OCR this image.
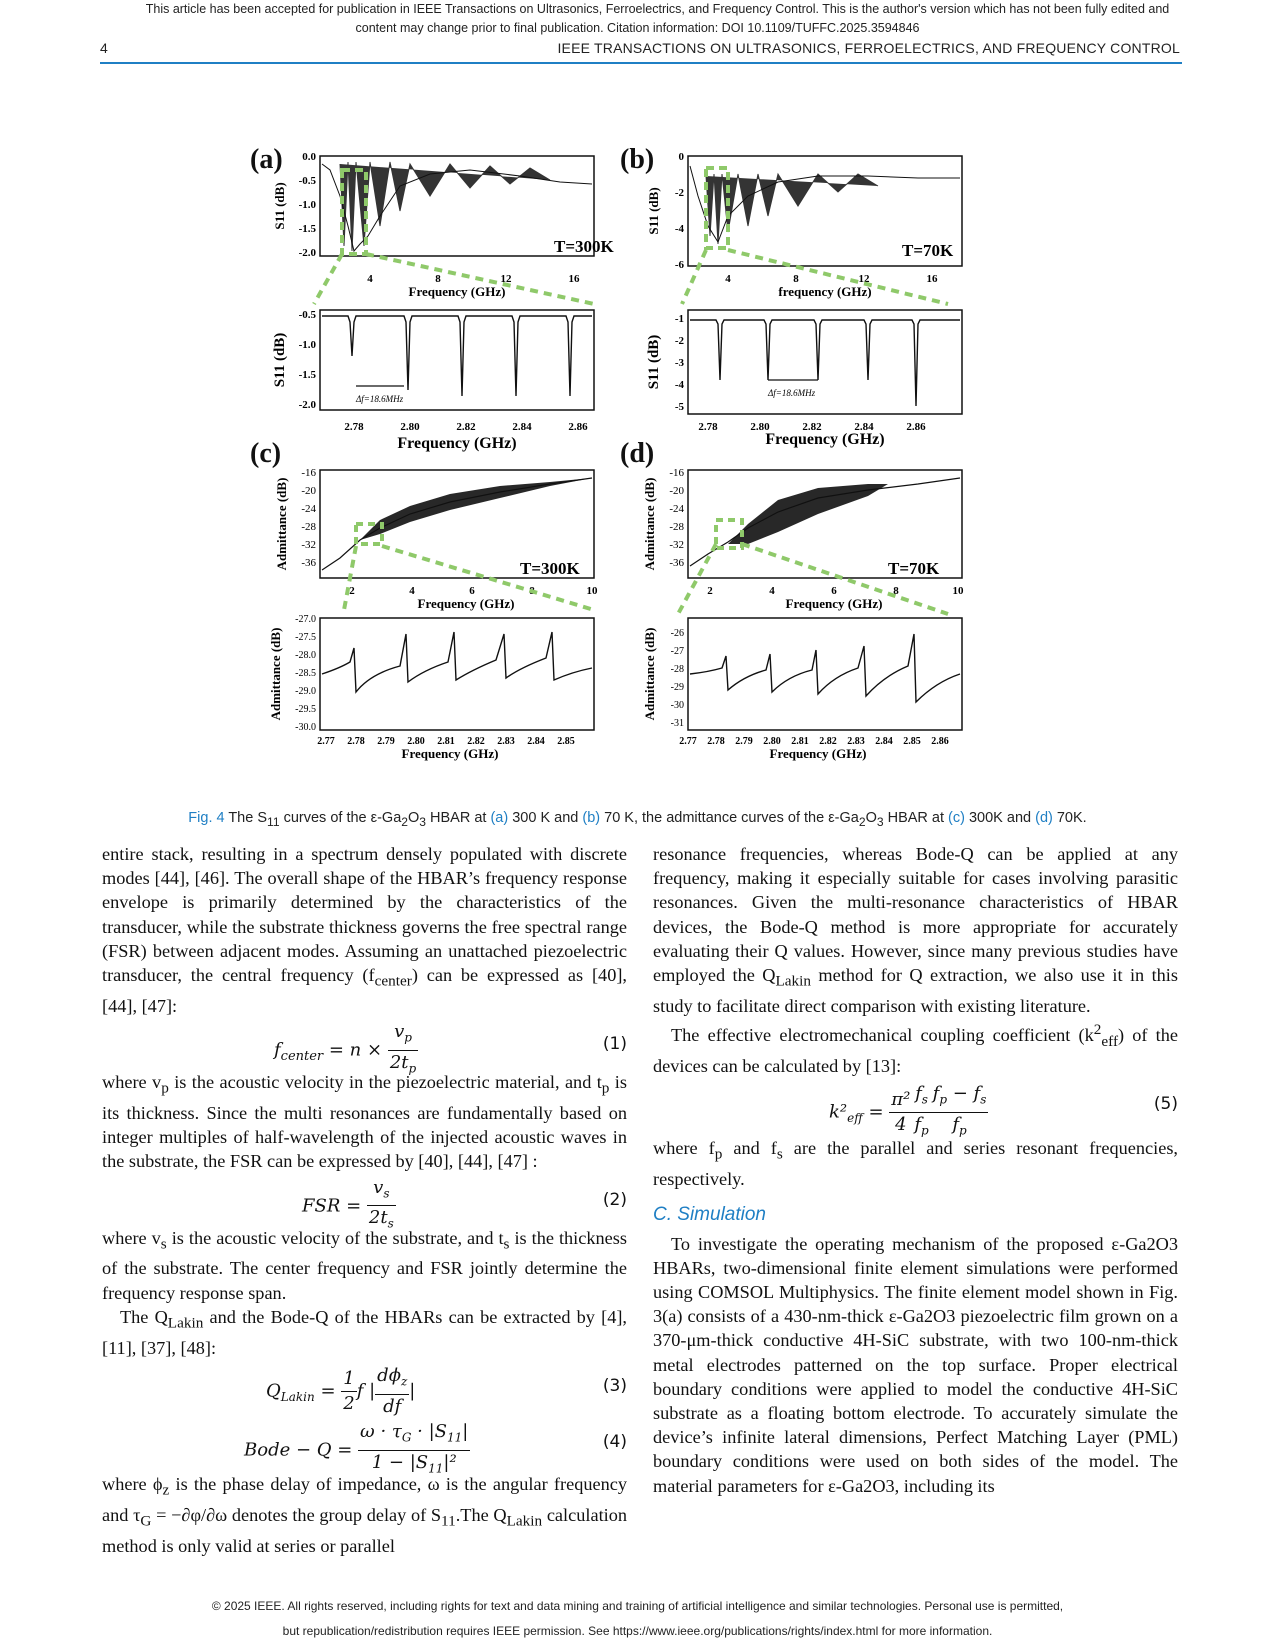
This article has been accepted for publication in IEEE Transactions on Ultrasonics, Ferroelectrics, and Frequency Control. This is the author's version which has not been fully edited and
content may change prior to final publication. Citation information: DOI 10.1109/TUFFC.2025.3594846
4	IEEE TRANSACTIONS ON ULTRASONICS, FERROELECTRICS, AND FREQUENCY CONTROL
(a)	(b)
(c)	(d)
T=300K
0.0
-0.5
-1.0
-1.5
-2.0
4	8	12	16
Frequency (GHz)
S11 (dB)
T=70K
0
-2
-4
-6
4	8	12	16
frequency (GHz)
S11 (dB)
Δf=18.6MHz
-0.5
-1.0
-1.5
-2.0
2.78	2.80	2.82	2.84	2.86
Frequency (GHz)
S11 (dB)
Δf=18.6MHz
-1
-2
-3
-4
-5
2.78	2.80	2.82	2.84	2.86
Frequency (GHz)
S11 (dB)
T=300K
-16
-20
-24
-28
-32
-36
2	4	6	10
Frequency (GHz)
Admittance (dB)	T=70K
-16
-20
-24
-28
-32
-36
2	4	6	8	10
Frequency (GHz)
Admittance (dB)
-27.0
-27.5
-28.0
-28.5
-29.0
-29.5
-30.0
2.77 2.78 2.79 2.80 2.81 2.82 2.83 2.84 2.85
Frequency (GHz)
Admittance (dB)	-26
-27
-28
-29
-30
-31
2.77 2.78 2.79 2.80 2.81 2.82 2.83 2.84 2.85 2.86
Frequency (GHz)
Admittance (dB)
Fig. 4 The $S_{11}$ curves of the $\varepsilon-Ga_2O_3$ HBAR at (a) 300 K and (b) 70 K, the admittance curves of the $\varepsilon-Ga_2O_3$ HBAR at (c) 300K and (d) 70K.

entire stack, resulting in a spectrum densely populated with discrete modes [44], [46]. The overall shape of the HBAR’s frequency response envelope is primarily determined by the characteristics of the transducer, while the substrate thickness governs the free spectral range (FSR) between adjacent modes. Assuming an unattached piezoelectric transducer, the central frequency $(f_{center})$ can be expressed as [40], [44], [47]:

$f_{center} = n \times \frac{v_p}{2t_p}$	(1)

where $v_p$ is the acoustic velocity in the piezoelectric material, and $t_p$ is its thickness. Since the multi resonances are fundamentally based on integer multiples of half-wavelength of the injected acoustic waves in the substrate, the FSR can be expressed by [40], [44], [47] :

FSR = $\frac{v_s}{2t_s}$	(2)

where $v_s$ is the acoustic velocity of the substrate, and $t_s$ is the thickness of the substrate. The center frequency and FSR jointly determine the frequency response span.

The $Q_{Lakin}$ and the Bode-Q of the HBARs can be extracted by [4], [11], [37], [48]:

$Q_{Lakin} = \frac{1}{2}$ f | $\frac{d\phi_z}{df}$ |	(3)
Bode − $Q = \frac{\omega \cdot \tau_G \cdot |S_{11}|}{1 - |S_{11}|^2}$	(4)

where $\phi_z$ is the phase delay of impedance, ω is the angular frequency and $\tau_G = -\partial\varphi/\partial\omega$ denotes the group delay of $S_{11}.The$ $Q_{Lakin}$ calculation method is only valid at series or parallel

resonance frequencies, whereas Bode-Q can be applied at any frequency, making it especially suitable for cases involving parasitic resonances. Given the multi-resonance characteristics of HBAR devices, the Bode-Q method is more appropriate for accurately evaluating their Q values. However, since many previous studies have employed the $Q_{Lakin}$ method for Q extraction, we also use it in this study to facilitate direct comparison with existing literature.

The effective electromechanical coupling coefficient $(k^2_{eff})$ of the devices can be calculated by [13]:

$k^2_{eff} = \frac{\text{π²}}{4} \frac{f_s}{f_p} \frac{f_p - f_s}{f_p}$	(5)

where $f_p$ and $f_s$ are the parallel and series resonant frequencies, respectively.

C. Simulation

To investigate the operating mechanism of the proposed ε-Ga2O3 HBARs, two-dimensional finite element simulations were performed using COMSOL Multiphysics. The finite element model shown in Fig. 3(a) consists of a 430-nm-thick ε-Ga2O3 piezoelectric film grown on a 370-μm-thick conductive 4H-SiC substrate, with two 100-nm-thick metal electrodes patterned on the top surface. Proper electrical boundary conditions were applied to model the conductive 4H-SiC substrate as a floating bottom electrode. To accurately simulate the device’s infinite lateral dimensions, Perfect Matching Layer (PML) boundary conditions were used on both sides of the model. The material parameters for ε-Ga2O3, including its

© 2025 IEEE. All rights reserved, including rights for text and data mining and training of artificial intelligence and similar technologies. Personal use is permitted,
but republication/redistribution requires IEEE permission. See https://www.ieee.org/publications/rights/index.html for more information.
